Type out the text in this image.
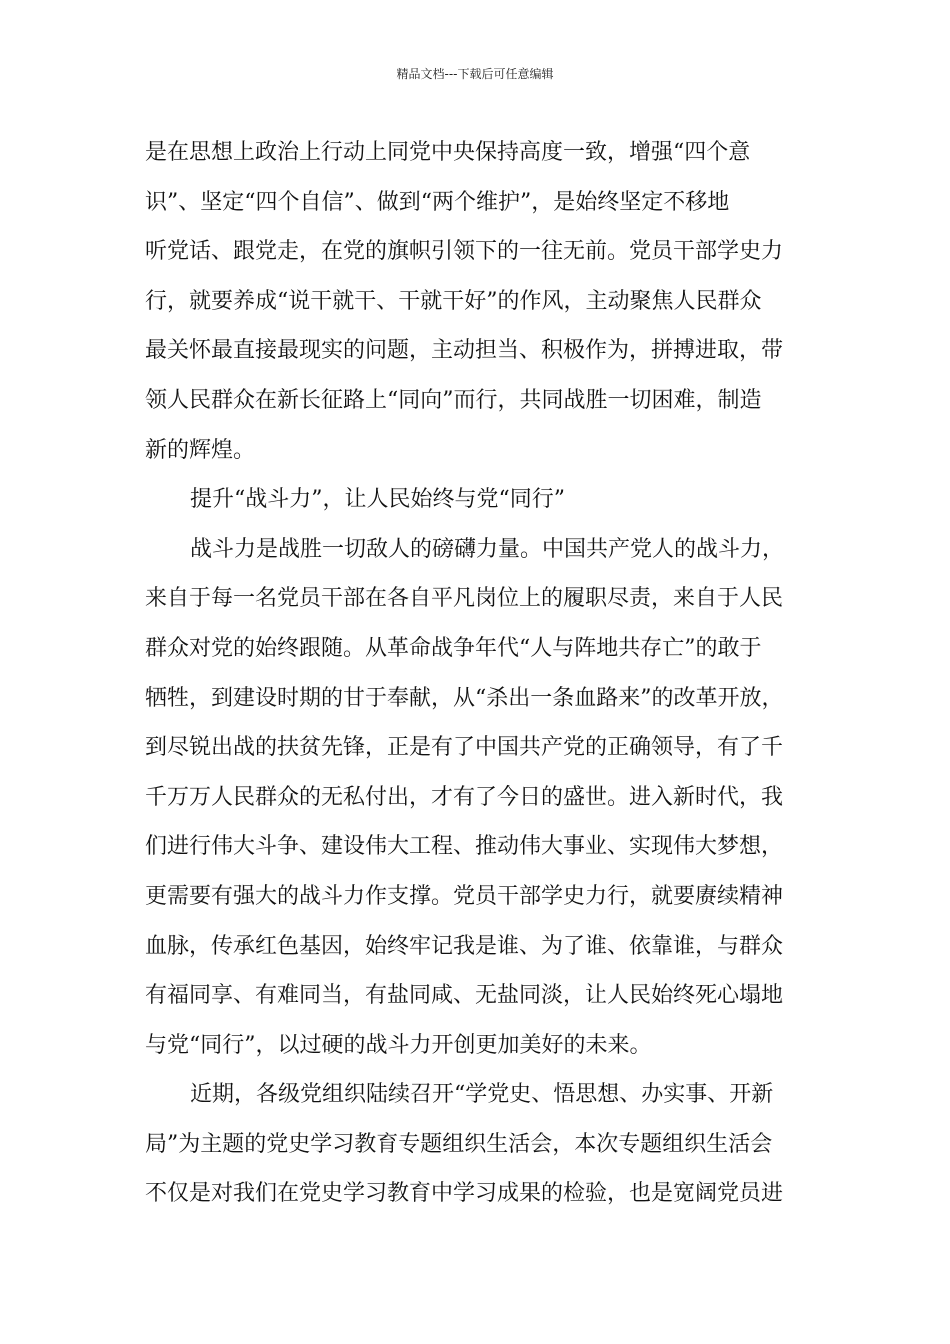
精品文档---下载后可任意编辑
是在思想上政治上行动上同党中央保持高度一致，增强“四个意
识”、坚定“四个自信”、做到“两个维护”，是始终坚定不移地
听党话、跟党走，在党的旗帜引领下的一往无前。党员干部学史力
行，就要养成“说干就干、干就干好”的作风，主动聚焦人民群众
最关怀最直接最现实的问题，主动担当、积极作为，拼搏进取，带
领人民群众在新长征路上“同向”而行，共同战胜一切困难，制造
新的辉煌。
提升“战斗力”，让人民始终与党“同行”
战斗力是战胜一切敌人的磅礴力量。中国共产党人的战斗力，
来自于每一名党员干部在各自平凡岗位上的履职尽责，来自于人民
群众对党的始终跟随。从革命战争年代“人与阵地共存亡”的敢于
牺牲，到建设时期的甘于奉献，从“杀出一条血路来”的改革开放，
到尽锐出战的扶贫先锋，正是有了中国共产党的正确领导，有了千
千万万人民群众的无私付出，才有了今日的盛世。进入新时代，我
们进行伟大斗争、建设伟大工程、推动伟大事业、实现伟大梦想，
更需要有强大的战斗力作支撑。党员干部学史力行，就要赓续精神
血脉，传承红色基因，始终牢记我是谁、为了谁、依靠谁，与群众
有福同享、有难同当，有盐同咸、无盐同淡，让人民始终死心塌地
与党“同行”，以过硬的战斗力开创更加美好的未来。
近期，各级党组织陆续召开“学党史、悟思想、办实事、开新
局”为主题的党史学习教育专题组织生活会，本次专题组织生活会
不仅是对我们在党史学习教育中学习成果的检验，也是宽阔党员进
